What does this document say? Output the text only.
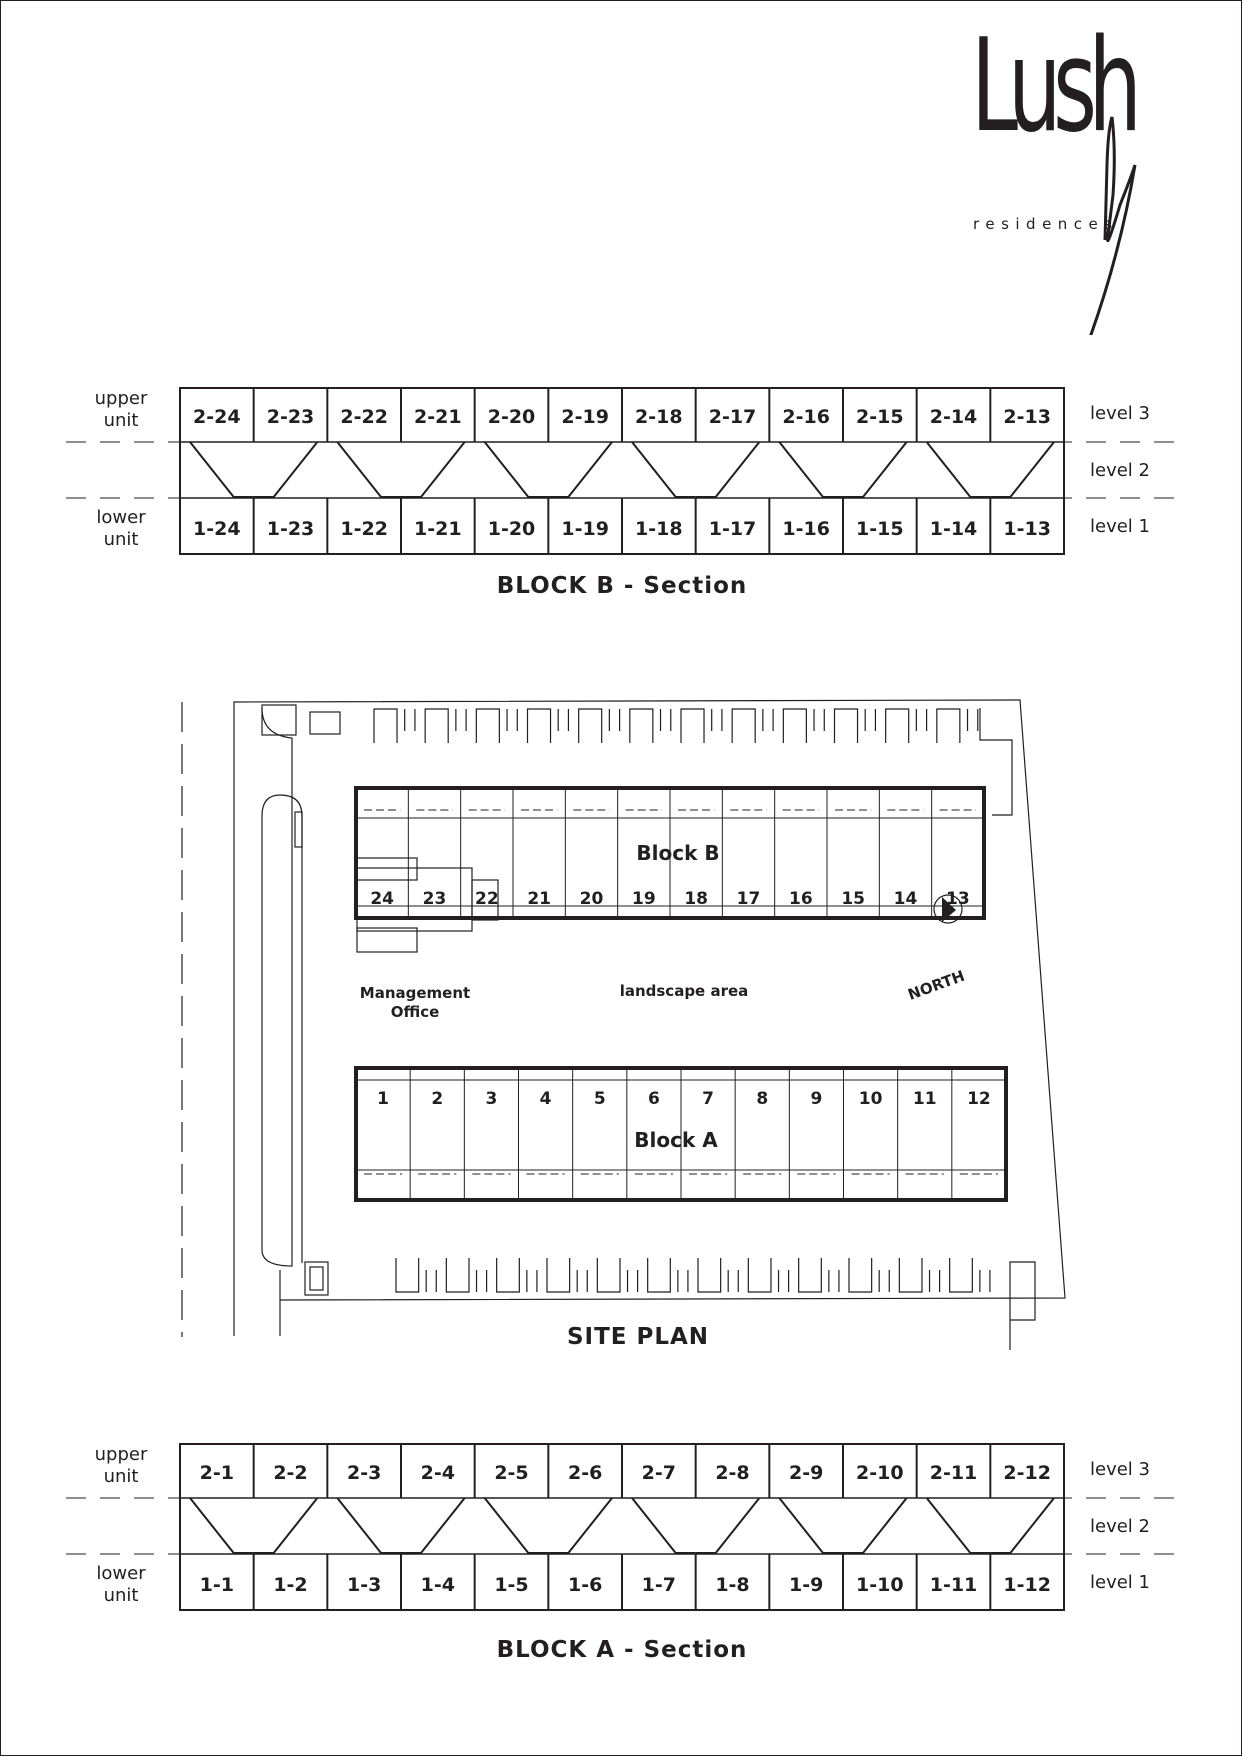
Lush
residences
2-24
1-24
2-23
1-23
2-22
1-22
2-21
1-21
2-20
1-20
2-19
1-19
2-18
1-18
2-17
1-17
2-16
1-16
2-15
1-15
2-14
1-14
2-13
1-13
upper
unit
lower
unit
level 3
level 2
level 1
BLOCK B - Section
24 23 22 21 20 19 18 17 16 15 14 13
Block B
1 2 3 4 5 6 7 8 9 10 11 12
Block A
Management
Office
landscape area	NORTH
SITE PLAN
2-1
1-1
2-2
1-2
2-3
1-3
2-4
1-4
2-5
1-5
2-6
1-6
2-7
1-7
2-8
1-8
2-9
1-9
2-10
1-10
2-11
1-11
2-12
1-12
upper
unit
lower
unit
level 3
level 2
level 1
BLOCK A - Section
